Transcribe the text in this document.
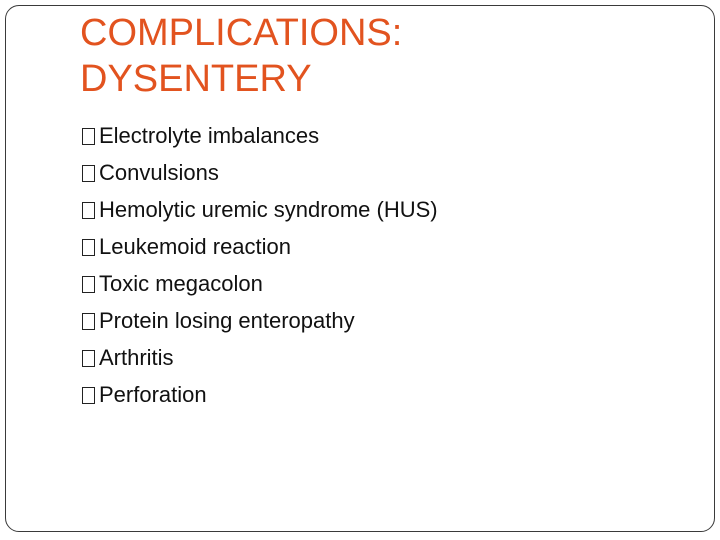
COMPLICATIONS:
DYSENTERY
Electrolyte imbalances
Convulsions
Hemolytic uremic syndrome (HUS)
Leukemoid reaction
Toxic megacolon
Protein losing enteropathy
Arthritis
Perforation
